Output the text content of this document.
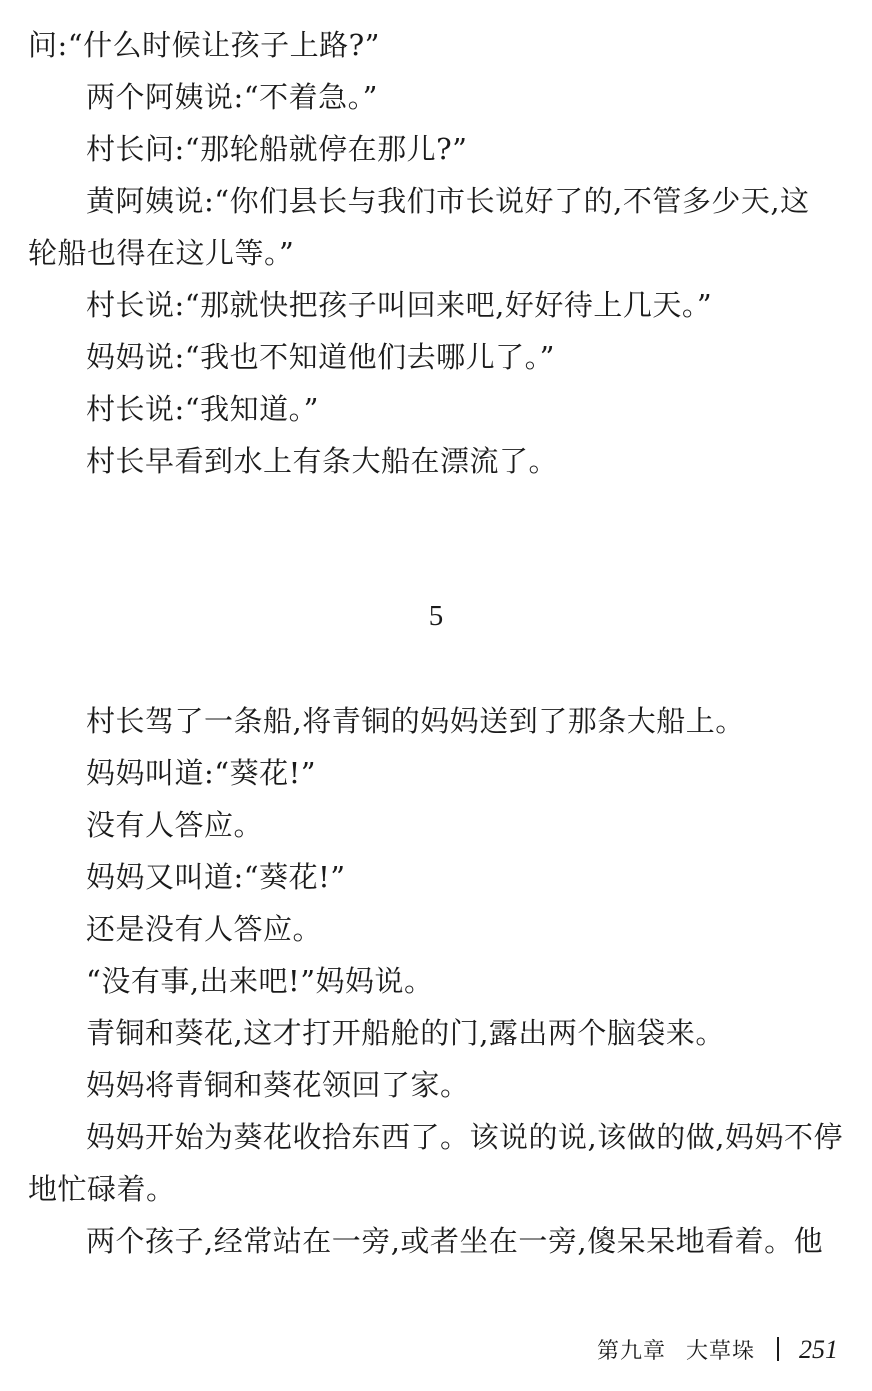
问:“什么时候让孩子上路?”
两个阿姨说:“不着急。”
村长问:“那轮船就停在那儿?”
黄阿姨说:“你们县长与我们市长说好了的,不管多少天,这
轮船也得在这儿等。”
村长说:“那就快把孩子叫回来吧,好好待上几天。”
妈妈说:“我也不知道他们去哪儿了。”
村长说:“我知道。”
村长早看到水上有条大船在漂流了。
5
村长驾了一条船,将青铜的妈妈送到了那条大船上。
妈妈叫道:“葵花!”
没有人答应。
妈妈又叫道:“葵花!”
还是没有人答应。
“没有事,出来吧!”妈妈说。
青铜和葵花,这才打开船舱的门,露出两个脑袋来。
妈妈将青铜和葵花领回了家。
妈妈开始为葵花收拾东西了。该说的说,该做的做,妈妈不停
地忙碌着。
两个孩子,经常站在一旁,或者坐在一旁,傻呆呆地看着。他
第九章 大草垛 251
